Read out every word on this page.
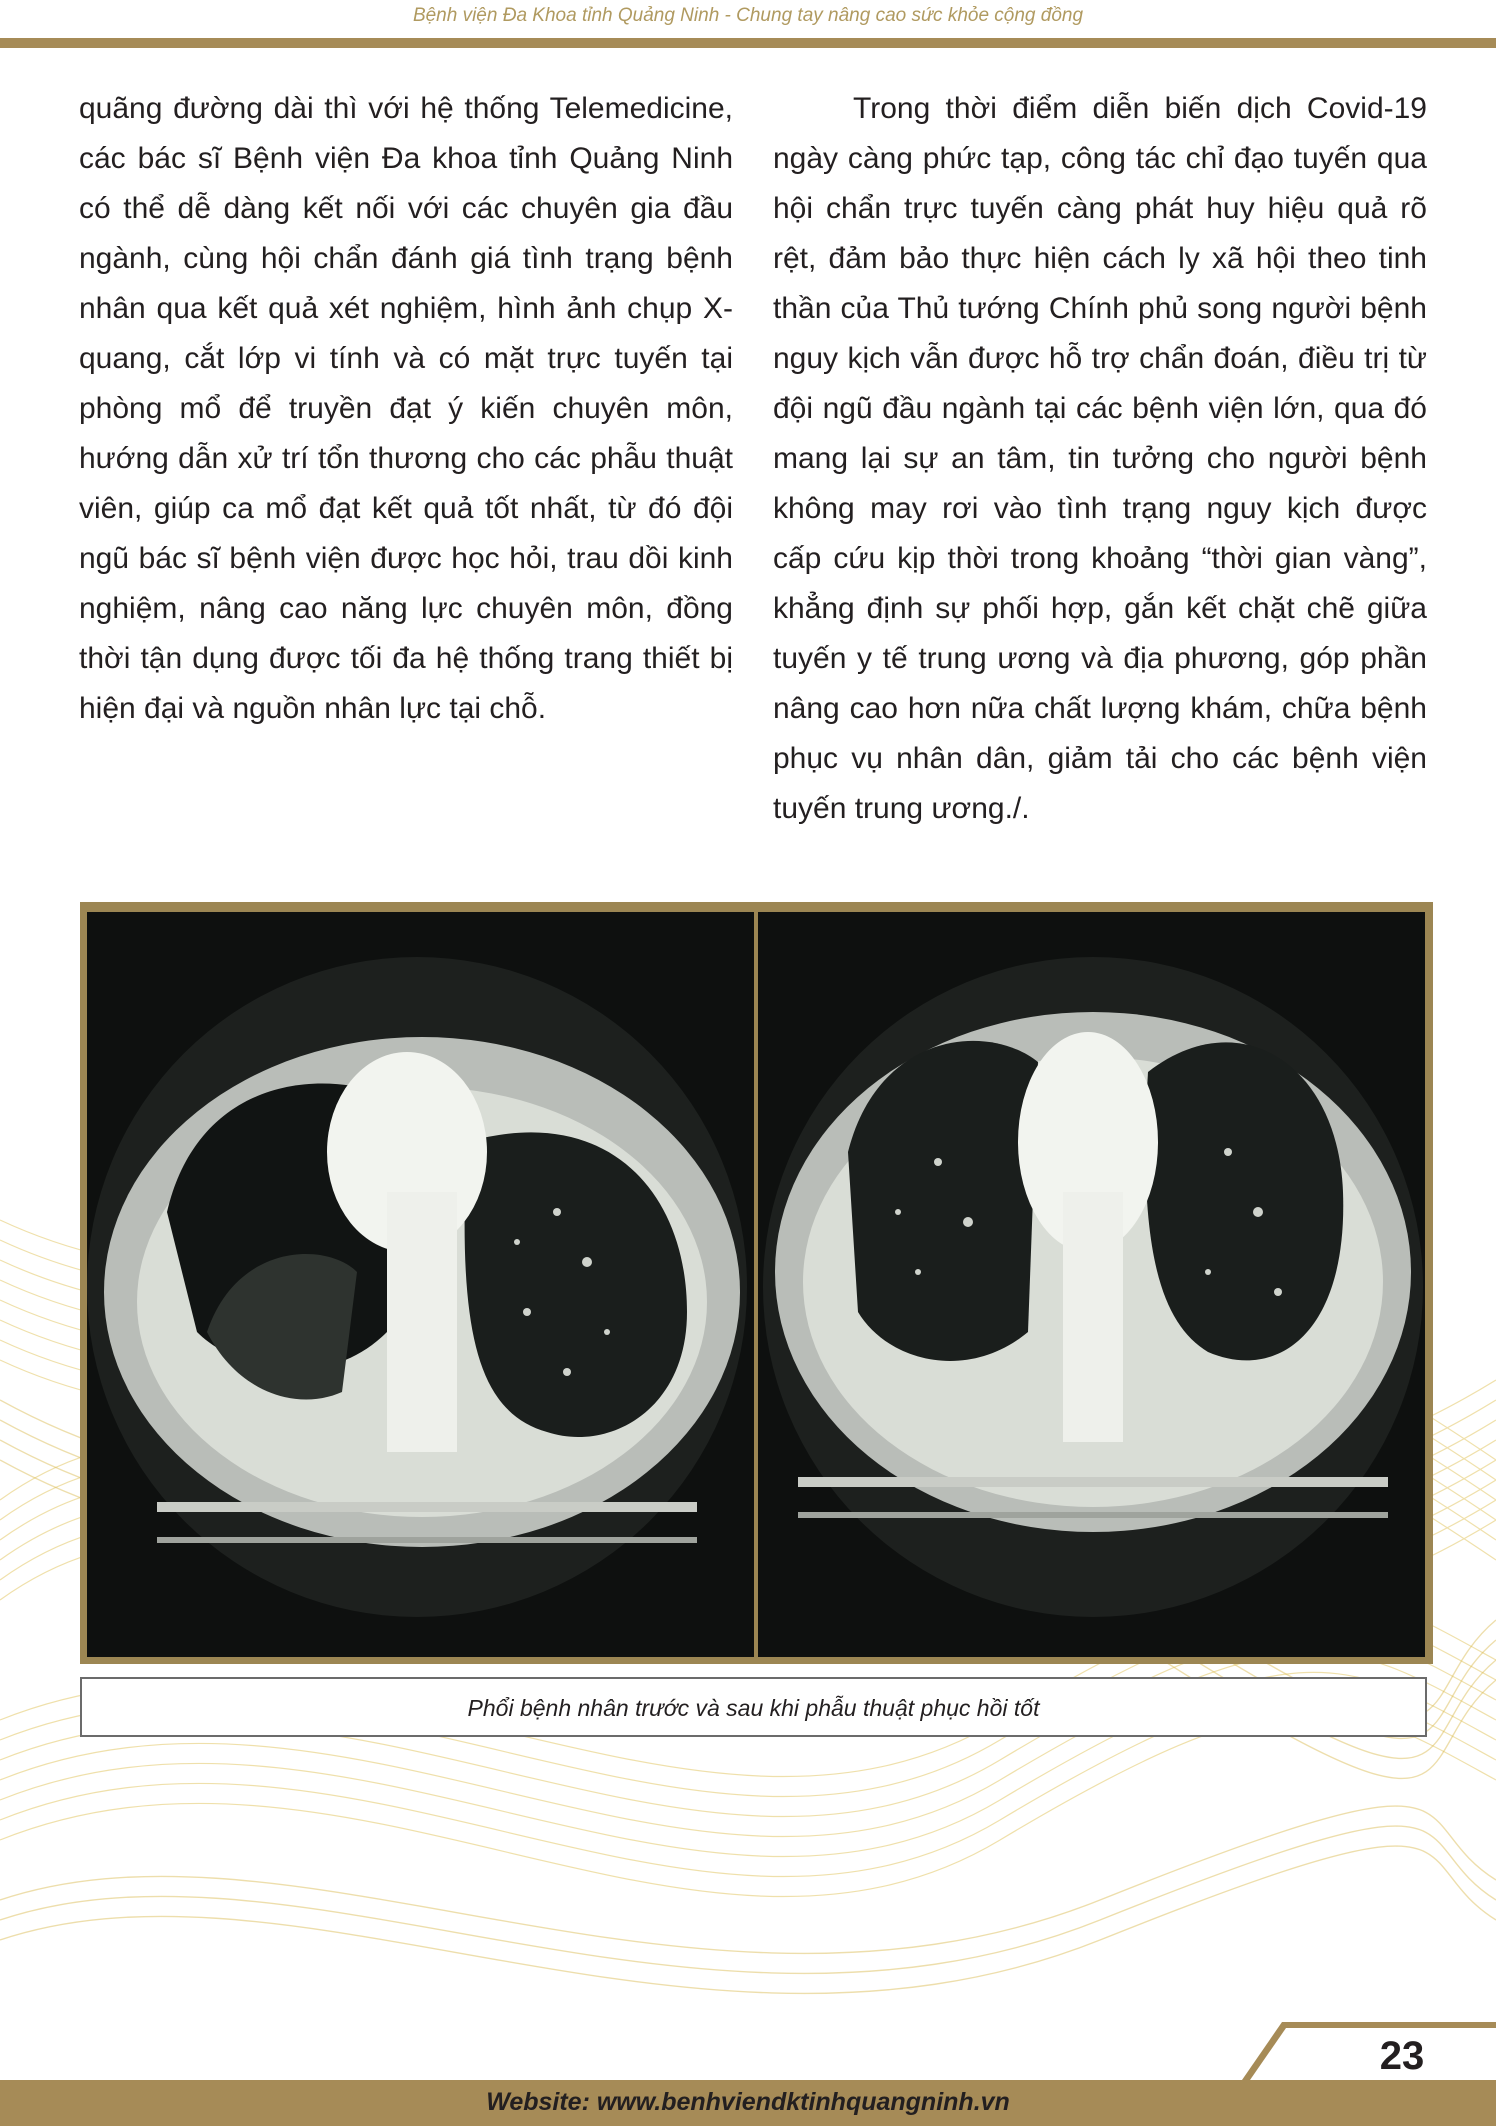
Bệnh viện Đa Khoa tỉnh Quảng Ninh - Chung tay nâng cao sức khỏe cộng đồng

quãng đường dài thì với hệ thống Telemedicine, các bác sĩ Bệnh viện Đa khoa tỉnh Quảng Ninh có thể dễ dàng kết nối với các chuyên gia đầu ngành, cùng hội chẩn đánh giá tình trạng bệnh nhân qua kết quả xét nghiệm, hình ảnh chụp X-quang, cắt lớp vi tính và có mặt trực tuyến tại phòng mổ để truyền đạt ý kiến chuyên môn, hướng dẫn xử trí tổn thương cho các phẫu thuật viên, giúp ca mổ đạt kết quả tốt nhất, từ đó đội ngũ bác sĩ bệnh viện được học hỏi, trau dồi kinh nghiệm, nâng cao năng lực chuyên môn, đồng thời tận dụng được tối đa hệ thống trang thiết bị hiện đại và nguồn nhân lực tại chỗ.

Trong thời điểm diễn biến dịch Covid-19 ngày càng phức tạp, công tác chỉ đạo tuyến qua hội chẩn trực tuyến càng phát huy hiệu quả rõ rệt, đảm bảo thực hiện cách ly xã hội theo tinh thần của Thủ tướng Chính phủ song người bệnh nguy kịch vẫn được hỗ trợ chẩn đoán, điều trị từ đội ngũ đầu ngành tại các bệnh viện lớn, qua đó mang lại sự an tâm, tin tưởng cho người bệnh không may rơi vào tình trạng nguy kịch được cấp cứu kịp thời trong khoảng “thời gian vàng”, khẳng định sự phối hợp, gắn kết chặt chẽ giữa tuyến y tế trung ương và địa phương, góp phần nâng cao hơn nữa chất lượng khám, chữa bệnh phục vụ nhân dân, giảm tải cho các bệnh viện tuyến trung ương./.

Phổi bệnh nhân trước và sau khi phẫu thuật phục hồi tốt
23
Website: www.benhviendktinhquangninh.vn
